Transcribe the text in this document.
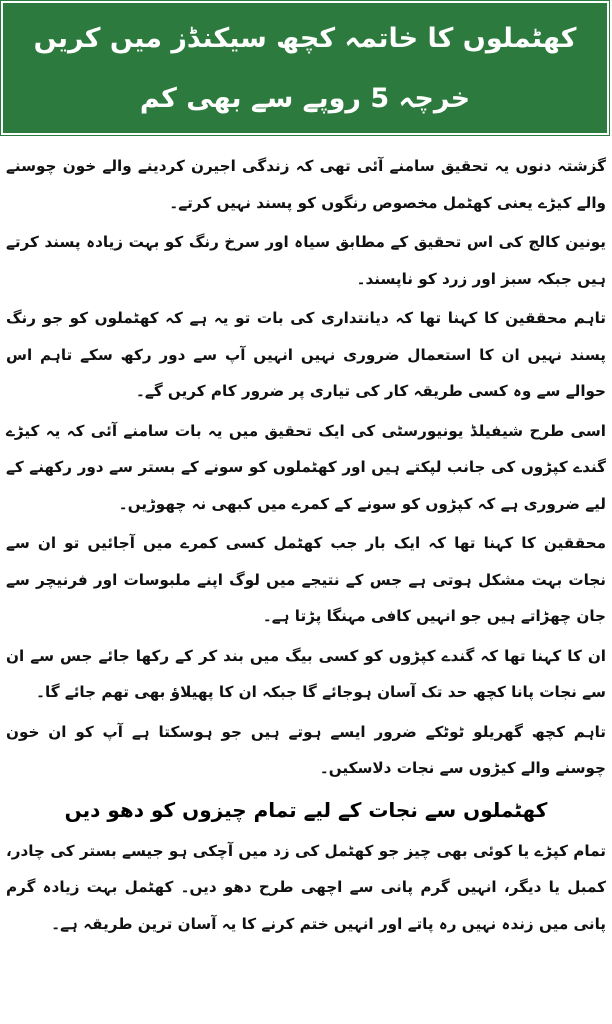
کھٹملوں کا خاتمہ کچھ سیکنڈز میں کریں
خرچہ 5 روپے سے بھی کم

گزشتہ دنوں یہ تحقیق سامنے آئی تھی کہ زندگی اجیرن کردینے والے خون چوسنے والے کیڑے یعنی کھٹمل مخصوص رنگوں کو پسند نہیں کرتے۔

یونین کالج کی اس تحقیق کے مطابق سیاہ اور سرخ رنگ کو بہت زیادہ پسند کرتے ہیں جبکہ سبز اور زرد کو ناپسند۔

تاہم محققین کا کہنا تھا کہ دیانتداری کی بات تو یہ ہے کہ کھٹملوں کو جو رنگ پسند نہیں ان کا استعمال ضروری نہیں انہیں آپ سے دور رکھ سکے تاہم اس حوالے سے وہ کسی طریقہ کار کی تیاری پر ضرور کام کریں گے۔

اسی طرح شیفیلڈ یونیورسٹی کی ایک تحقیق میں یہ بات سامنے آئی کہ یہ کیڑے گندے کپڑوں کی جانب لپکتے ہیں اور کھٹملوں کو سونے کے بستر سے دور رکھنے کے لیے ضروری ہے کہ کپڑوں کو سونے کے کمرے میں کبھی نہ چھوڑیں۔

محققین کا کہنا تھا کہ ایک بار جب کھٹمل کسی کمرے میں آجائیں تو ان سے نجات بہت مشکل ہوتی ہے جس کے نتیجے میں لوگ اپنے ملبوسات اور فرنیچر سے جان چھڑاتے ہیں جو انہیں کافی مہنگا پڑتا ہے۔

ان کا کہنا تھا کہ گندے کپڑوں کو کسی بیگ میں بند کر کے رکھا جائے جس سے ان سے نجات پانا کچھ حد تک آسان ہوجائے گا جبکہ ان کا پھیلاؤ بھی تھم جائے گا۔

تاہم کچھ گھریلو ٹوٹکے ضرور ایسے ہوتے ہیں جو ہوسکتا ہے آپ کو ان خون چوسنے والے کیڑوں سے نجات دلاسکیں۔

کھٹملوں سے نجات کے لیے تمام چیزوں کو دھو دیں

تمام کپڑے یا کوئی بھی چیز جو کھٹمل کی زد میں آچکی ہو جیسے بستر کی چادر، کمبل یا دیگر، انہیں گرم پانی سے اچھی طرح دھو دیں۔ کھٹمل بہت زیادہ گرم پانی میں زندہ نہیں رہ پاتے اور انہیں ختم کرنے کا یہ آسان ترین طریقہ ہے۔
